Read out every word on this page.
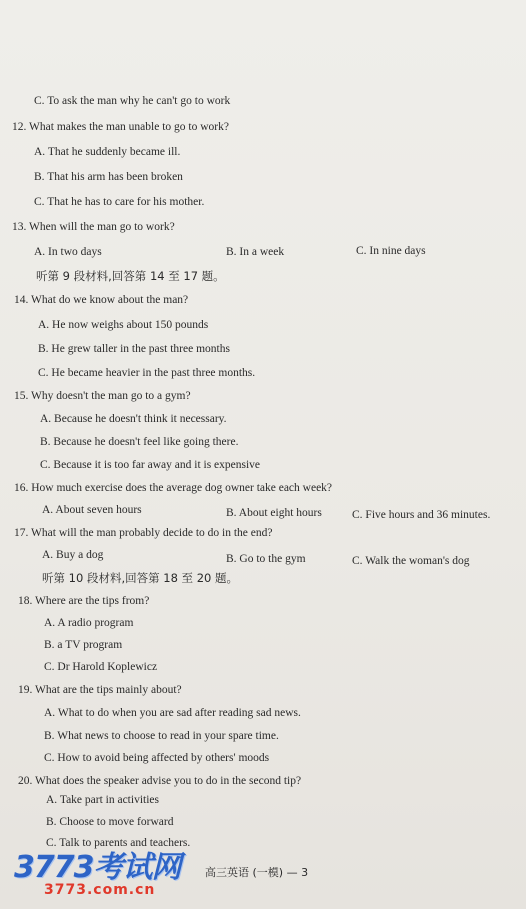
C. To ask the man why he can't go to work
12. What makes the man unable to go to work?
A. That he suddenly became ill.
B. That his arm has been broken
C. That he has to care for his mother.
13. When will the man go to work?
A. In two days	B. In a week	C. In nine days
听第 9 段材料,回答第 14 至 17 题。
14. What do we know about the man?
A. He now weighs about 150 pounds
B. He grew taller in the past three months
C. He became heavier in the past three months.
15. Why doesn't the man go to a gym?
A. Because he doesn't think it necessary.
B. Because he doesn't feel like going there.
C. Because it is too far away and it is expensive
16. How much exercise does the average dog owner take each week?
A. About seven hours	B. About eight hours	C. Five hours and 36 minutes.
17. What will the man probably decide to do in the end?
A. Buy a dog	B. Go to the gym	C. Walk the woman's dog
听第 10 段材料,回答第 18 至 20 题。
18. Where are the tips from?
A. A radio program
B. a TV program
C. Dr Harold Koplewicz
19. What are the tips mainly about?
A. What to do when you are sad after reading sad news.
B. What news to choose to read in your spare time.
C. How to avoid being affected by others' moods
20. What does the speaker advise you to do in the second tip?
A. Take part in activities
B. Choose to move forward
C. Talk to parents and teachers.
高三英语 (一模) — 3
3773考试网
3773.com.cn
